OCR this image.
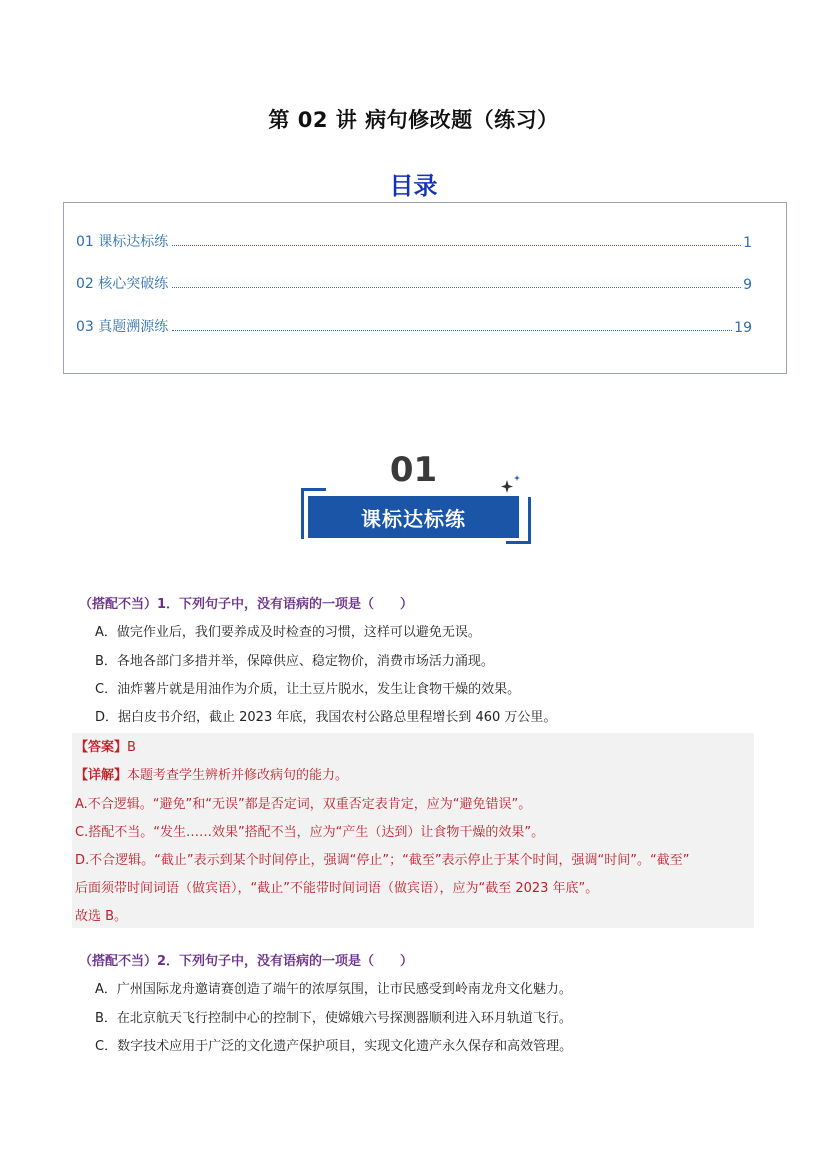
第 02 讲 病句修改题（练习）
目录
01 课标达标练	1
02 核心突破练	9
03 真题溯源练	19
01
课标达标练
（搭配不当）1．下列句子中，没有语病的一项是（　　）
A．做完作业后，我们要养成及时检查的习惯，这样可以避免无误。
B．各地各部门多措并举，保障供应、稳定物价，消费市场活力涌现。
C．油炸薯片就是用油作为介质，让土豆片脱水，发生让食物干燥的效果。
D．据白皮书介绍，截止 2023 年底，我国农村公路总里程增长到 460 万公里。
【答案】B
【详解】本题考查学生辨析并修改病句的能力。
A.不合逻辑。“避免”和“无误”都是否定词，双重否定表肯定，应为“避免错误”。
C.搭配不当。“发生……效果”搭配不当，应为“产生（达到）让食物干燥的效果”。
D.不合逻辑。“截止”表示到某个时间停止，强调“停止”；“截至”表示停止于某个时间，强调“时间”。“截至”
后面须带时间词语（做宾语），“截止”不能带时间词语（做宾语），应为“截至 2023 年底”。
故选 B。
（搭配不当）2．下列句子中，没有语病的一项是（　　）
A．广州国际龙舟邀请赛创造了端午的浓厚氛围，让市民感受到岭南龙舟文化魅力。
B．在北京航天飞行控制中心的控制下，使嫦娥六号探测器顺利进入环月轨道飞行。
C．数字技术应用于广泛的文化遗产保护项目，实现文化遗产永久保存和高效管理。
